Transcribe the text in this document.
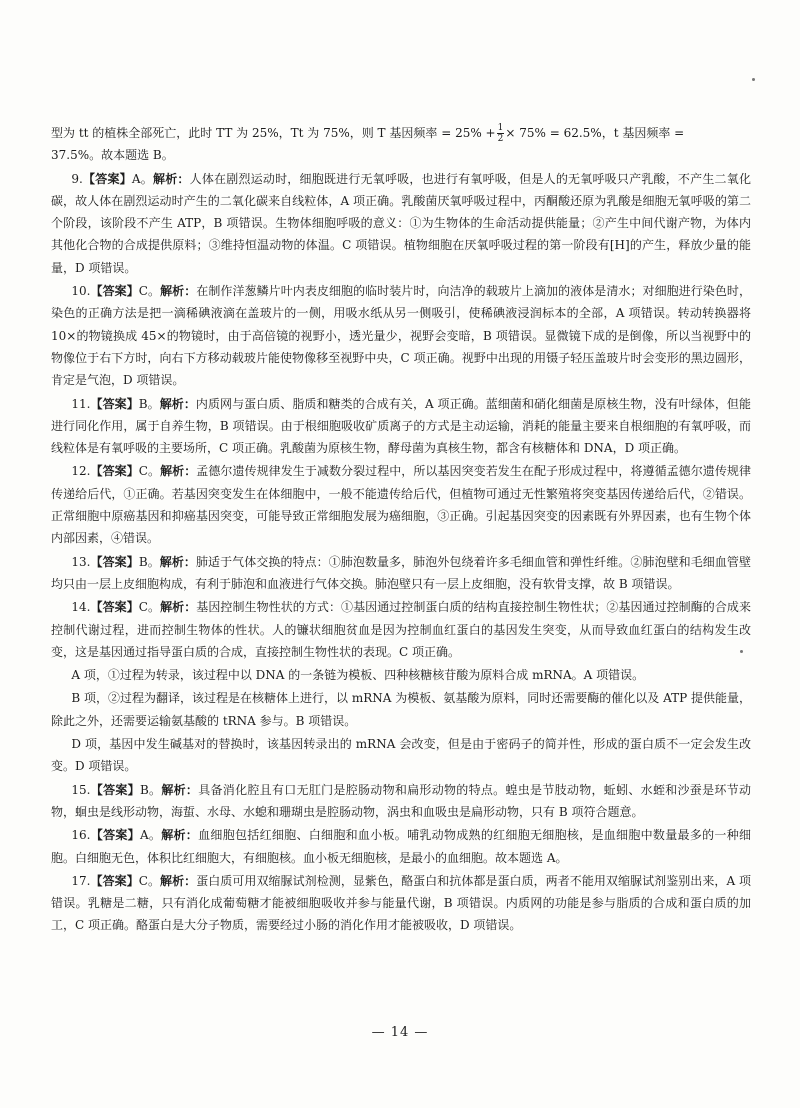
型为 tt 的植株全部死亡，此时 TT 为 25%，Tt 为 75%，则 T 基因频率 = $25\% + \frac{1}{2} \times 75\% = 62.5\%$，t 基因频率 =

37.5%。故本题选 B。

9.【答案】A。解析：人体在剧烈运动时，细胞既进行无氧呼吸，也进行有氧呼吸，但是人的无氧呼吸只产乳酸，不产生二氧化碳，故人体在剧烈运动时产生的二氧化碳来自线粒体，A 项正确。乳酸菌厌氧呼吸过程中，丙酮酸还原为乳酸是细胞无氧呼吸的第二个阶段，该阶段不产生 ATP，B 项错误。生物体细胞呼吸的意义：①为生物体的生命活动提供能量；②产生中间代谢产物，为体内其他化合物的合成提供原料；③维持恒温动物的体温。C 项错误。植物细胞在厌氧呼吸过程的第一阶段有[H]的产生，释放少量的能量，D 项错误。

10.【答案】C。解析：在制作洋葱鳞片叶内表皮细胞的临时装片时，向洁净的载玻片上滴加的液体是清水；对细胞进行染色时，染色的正确方法是把一滴稀碘液滴在盖玻片的一侧，用吸水纸从另一侧吸引，使稀碘液浸润标本的全部，A 项错误。转动转换器将 10×的物镜换成 45×的物镜时，由于高倍镜的视野小，透光量少，视野会变暗，B 项错误。显微镜下成的是倒像，所以当视野中的物像位于右下方时，向右下方移动载玻片能使物像移至视野中央，C 项正确。视野中出现的用镊子轻压盖玻片时会变形的黑边圆形，肯定是气泡，D 项错误。

11.【答案】B。解析：内质网与蛋白质、脂质和糖类的合成有关，A 项正确。蓝细菌和硝化细菌是原核生物，没有叶绿体，但能进行同化作用，属于自养生物，B 项错误。由于根细胞吸收矿质离子的方式是主动运输，消耗的能量主要来自根细胞的有氧呼吸，而线粒体是有氧呼吸的主要场所，C 项正确。乳酸菌为原核生物，酵母菌为真核生物，都含有核糖体和 DNA，D 项正确。

12.【答案】C。解析：孟德尔遗传规律发生于减数分裂过程中，所以基因突变若发生在配子形成过程中，将遵循孟德尔遗传规律传递给后代，①正确。若基因突变发生在体细胞中，一般不能遗传给后代，但植物可通过无性繁殖将突变基因传递给后代，②错误。正常细胞中原癌基因和抑癌基因突变，可能导致正常细胞发展为癌细胞，③正确。引起基因突变的因素既有外界因素，也有生物个体内部因素，④错误。

13.【答案】B。解析：肺适于气体交换的特点：①肺泡数量多，肺泡外包绕着许多毛细血管和弹性纤维。②肺泡壁和毛细血管壁均只由一层上皮细胞构成，有利于肺泡和血液进行气体交换。肺泡壁只有一层上皮细胞，没有软骨支撑，故 B 项错误。

14.【答案】C。解析：基因控制生物性状的方式：①基因通过控制蛋白质的结构直接控制生物性状；②基因通过控制酶的合成来控制代谢过程，进而控制生物体的性状。人的镰状细胞贫血是因为控制血红蛋白的基因发生突变，从而导致血红蛋白的结构发生改变，这是基因通过指导蛋白质的合成，直接控制生物性状的表现。C 项正确。

A 项，①过程为转录，该过程中以 DNA 的一条链为模板、四种核糖核苷酸为原料合成 mRNA。A 项错误。

B 项，②过程为翻译，该过程是在核糖体上进行，以 mRNA 为模板、氨基酸为原料，同时还需要酶的催化以及 ATP 提供能量，除此之外，还需要运输氨基酸的 tRNA 参与。B 项错误。

D 项，基因中发生碱基对的替换时，该基因转录出的 mRNA 会改变，但是由于密码子的简并性，形成的蛋白质不一定会发生改变。D 项错误。

15.【答案】B。解析：具备消化腔且有口无肛门是腔肠动物和扁形动物的特点。蝗虫是节肢动物，蚯蚓、水蛭和沙蚕是环节动物，蛔虫是线形动物，海蜇、水母、水螅和珊瑚虫是腔肠动物，涡虫和血吸虫是扁形动物，只有 B 项符合题意。

16.【答案】A。解析：血细胞包括红细胞、白细胞和血小板。哺乳动物成熟的红细胞无细胞核，是血细胞中数量最多的一种细胞。白细胞无色，体积比红细胞大，有细胞核。血小板无细胞核，是最小的血细胞。故本题选 A。

17.【答案】C。解析：蛋白质可用双缩脲试剂检测，显紫色，酪蛋白和抗体都是蛋白质，两者不能用双缩脲试剂鉴别出来，A 项错误。乳糖是二糖，只有消化成葡萄糖才能被细胞吸收并参与能量代谢，B 项错误。内质网的功能是参与脂质的合成和蛋白质的加工，C 项正确。酪蛋白是大分子物质，需要经过小肠的消化作用才能被吸收，D 项错误。

— 14 —
